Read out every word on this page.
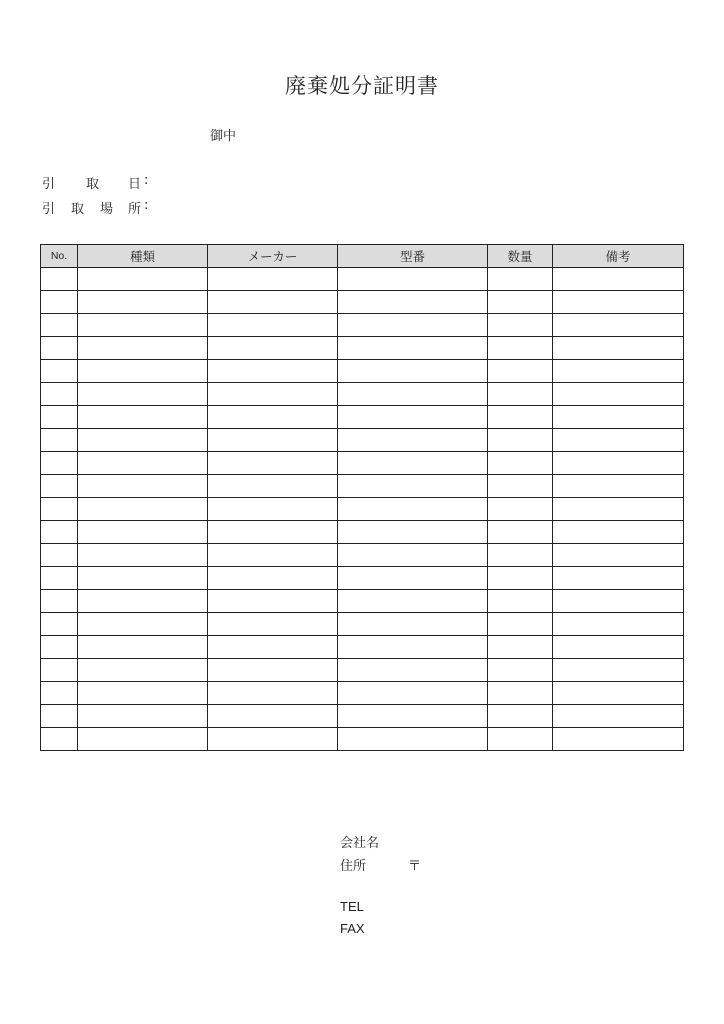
廃棄処分証明書
御中
引 取 日 :
引 取 場 所 :
No.	種類	メーカー	型番	数量	備考

会社名
住所	〒
TEL
FAX
